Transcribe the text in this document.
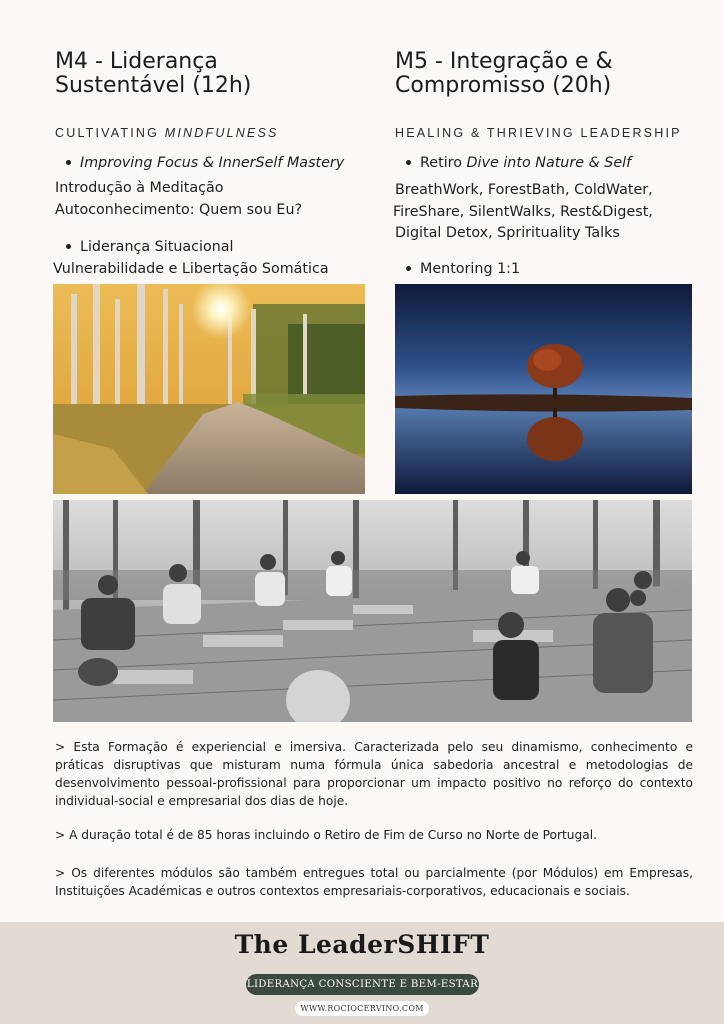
M4 - Liderança
Sustentável (12h)
M5 - Integração e &
Compromisso (20h)
CULTIVATING MINDFULNESS	HEALING & THRIEVING LEADERSHIP
Improving Focus & InnerSelf Mastery
Introdução à Meditação
Autoconhecimento: Quem sou Eu?
Liderança Situacional
Vulnerabilidade e Libertação Somática
Retiro Dive into Nature & Self
BreathWork, ForestBath, ColdWater,
FireShare, SilentWalks, Rest&Digest,
Digital Detox, Sprirituality Talks
Mentoring 1:1

> Esta Formação é experiencial e imersiva. Caracterizada pelo seu dinamismo, conhecimento e práticas disruptivas que misturam numa fórmula única sabedoria ancestral e metodologias de desenvolvimento pessoal-profissional para proporcionar um impacto positivo no reforço do contexto individual-social e empresarial dos dias de hoje.

> A duração total é de 85 horas incluindo o Retiro de Fim de Curso no Norte de Portugal.

> Os diferentes módulos são também entregues total ou parcialmente (por Módulos) em Empresas, Instituições Académicas e outros contextos empresariais-corporativos, educacionais e sociais.

The LeaderSHIFT
LIDERANÇA CONSCIENTE E BEM-ESTAR
WWW.ROCIOCERVINO.COM
